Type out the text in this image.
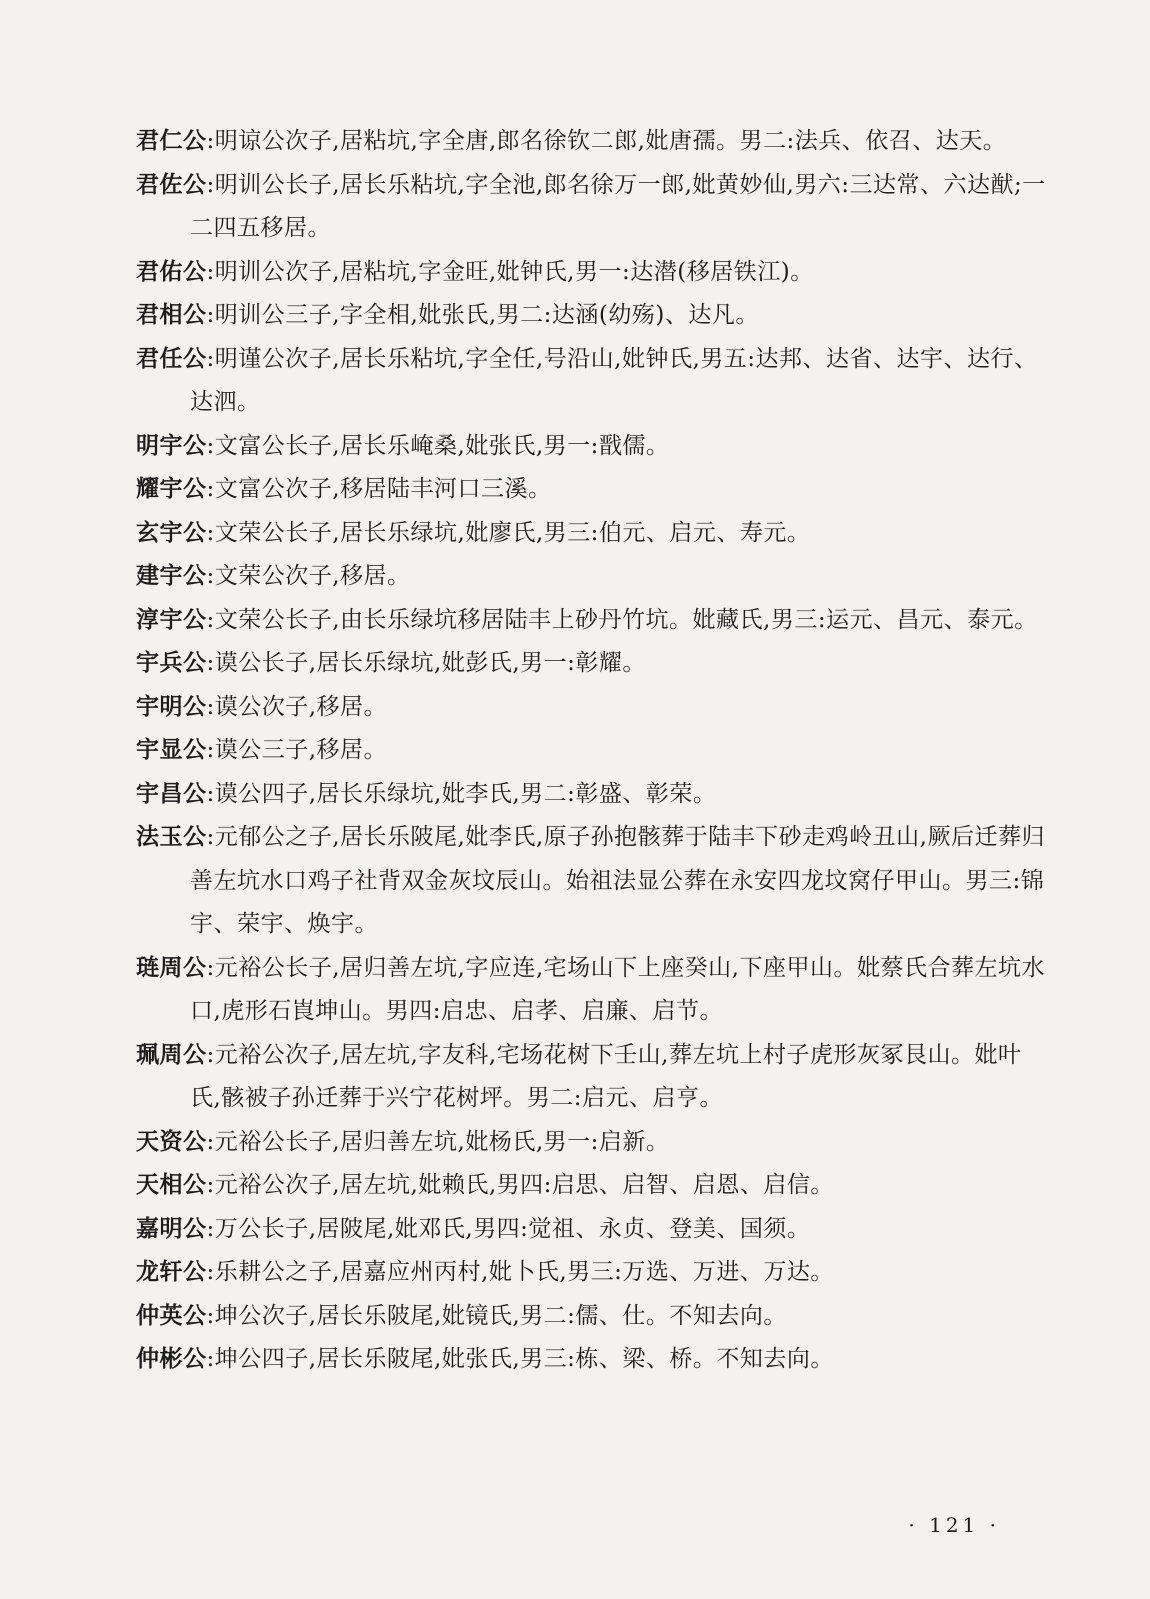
君仁公:明谅公次子,居粘坑,字全唐,郎名徐钦二郎,妣唐孺。男二:法兵、依召、达天。

君佐公:明训公长子,居长乐粘坑,字全池,郎名徐万一郎,妣黄妙仙,男六:三达常、六达猷;一二四五移居。

君佑公:明训公次子,居粘坑,字金旺,妣钟氏,男一:达潜(移居铁江)。

君相公:明训公三子,字全相,妣张氏,男二:达涵(幼殇)、达凡。

君任公:明谨公次子,居长乐粘坑,字全任,号沿山,妣钟氏,男五:达邦、达省、达宇、达行、达泗。

明宇公:文富公长子,居长乐崦桑,妣张氏,男一:戬儒。

耀宇公:文富公次子,移居陆丰河口三溪。

玄宇公:文荣公长子,居长乐绿坑,妣廖氏,男三:伯元、启元、寿元。

建宇公:文荣公次子,移居。

淳宇公:文荣公长子,由长乐绿坑移居陆丰上砂丹竹坑。妣藏氏,男三:运元、昌元、泰元。

宇兵公:谟公长子,居长乐绿坑,妣彭氏,男一:彰耀。

宇明公:谟公次子,移居。

宇显公:谟公三子,移居。

宇昌公:谟公四子,居长乐绿坑,妣李氏,男二:彰盛、彰荣。

法玉公:元郁公之子,居长乐陂尾,妣李氏,原子孙抱骸葬于陆丰下砂走鸡岭丑山,厥后迁葬归善左坑水口鸡子社背双金灰坟辰山。始祖法显公葬在永安四龙坟窝仔甲山。男三:锦宇、荣宇、焕宇。

琏周公:元裕公长子,居归善左坑,字应连,宅场山下上座癸山,下座甲山。妣蔡氏合葬左坑水口,虎形石崀坤山。男四:启忠、启孝、启廉、启节。

珮周公:元裕公次子,居左坑,字友科,宅场花树下壬山,葬左坑上村子虎形灰冢艮山。妣叶氏,骸被子孙迁葬于兴宁花树坪。男二:启元、启亨。

天资公:元裕公长子,居归善左坑,妣杨氏,男一:启新。

天相公:元裕公次子,居左坑,妣赖氏,男四:启思、启智、启恩、启信。

嘉明公:万公长子,居陂尾,妣邓氏,男四:觉祖、永贞、登美、国须。

龙轩公:乐耕公之子,居嘉应州丙村,妣卜氏,男三:万选、万进、万达。

仲英公:坤公次子,居长乐陂尾,妣镜氏,男二:儒、仕。不知去向。

仲彬公:坤公四子,居长乐陂尾,妣张氏,男三:栋、梁、桥。不知去向。

· 121 ·
